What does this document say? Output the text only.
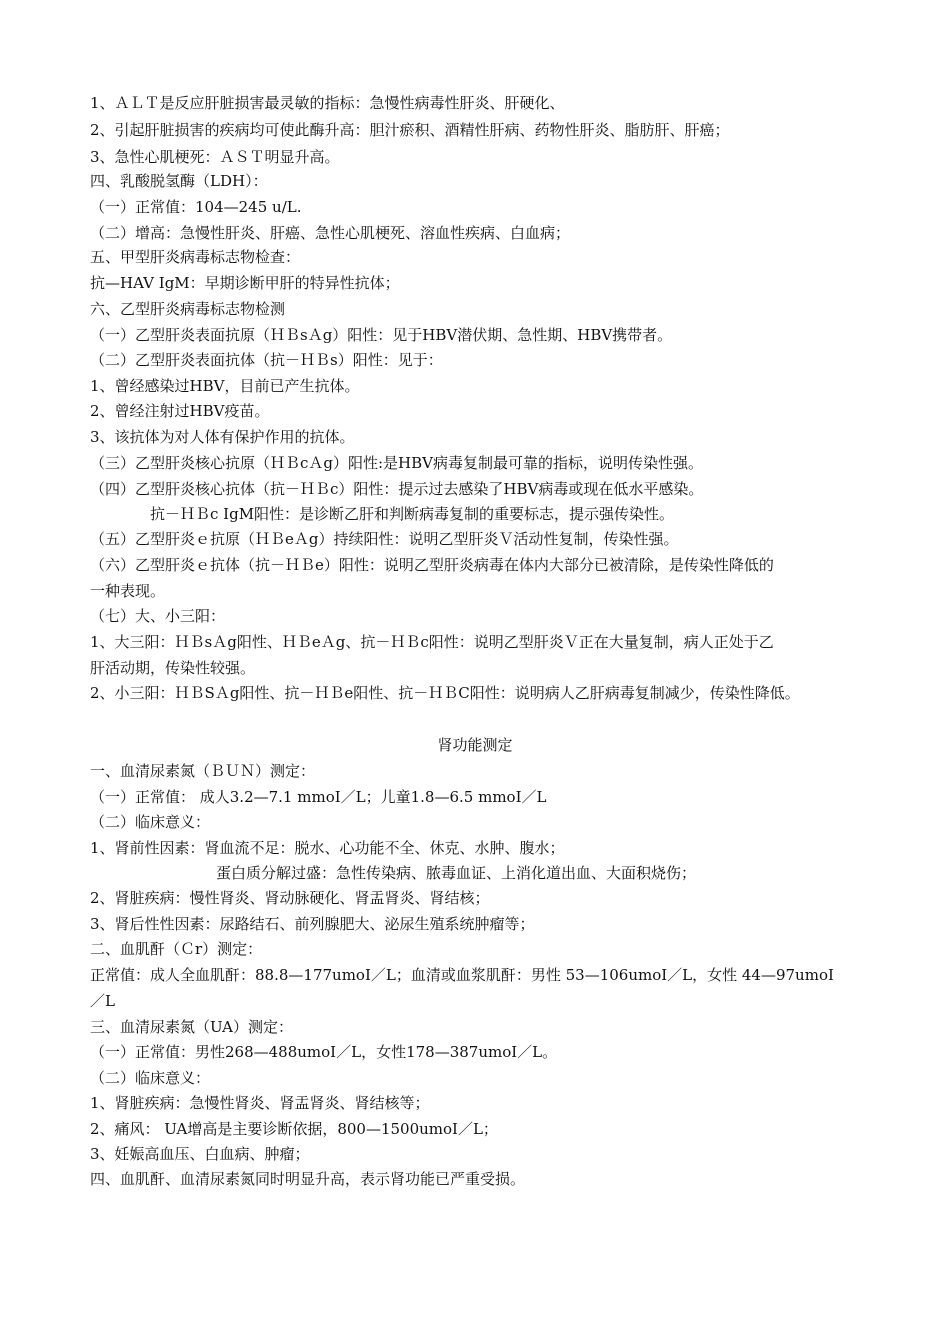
1、ＡＬＴ是反应肝脏损害最灵敏的指标：急慢性病毒性肝炎、肝硬化、
2、引起肝脏损害的疾病均可使此酶升高：胆汁瘀积、酒精性肝病、药物性肝炎、脂肪肝、肝癌；
3、急性心肌梗死：ＡＳＴ明显升高。
四、乳酸脱氢酶（LDH）：
（一）正常值：104—245 u/L.
（二）增高：急慢性肝炎、肝癌、急性心肌梗死、溶血性疾病、白血病；
五、甲型肝炎病毒标志物检查：
抗—HAV IgM：早期诊断甲肝的特异性抗体；
六、乙型肝炎病毒标志物检测
（一）乙型肝炎表面抗原（ＨＢsＡg）阳性：见于HBV潜伏期、急性期、HBV携带者。
（二）乙型肝炎表面抗体（抗－ＨＢs）阳性：见于：
1、曾经感染过HBV，目前已产生抗体。
2、曾经注射过HBV疫苗。
3、该抗体为对人体有保护作用的抗体。
（三）乙型肝炎核心抗原（ＨＢcＡg）阳性:是HBV病毒复制最可靠的指标，说明传染性强。
（四）乙型肝炎核心抗体（抗－ＨＢc）阳性：提示过去感染了HBV病毒或现在低水平感染。
抗－ＨＢc IgM阳性：是诊断乙肝和判断病毒复制的重要标志，提示强传染性。
（五）乙型肝炎ｅ抗原（ＨＢeＡg）持续阳性：说明乙型肝炎Ｖ活动性复制，传染性强。
（六）乙型肝炎ｅ抗体（抗－ＨＢe）阳性：说明乙型肝炎病毒在体内大部分已被清除，是传染性降低的
一种表现。
（七）大、小三阳：
1、大三阳：ＨＢsＡg阳性、ＨＢeＡg、抗－ＨＢc阳性：说明乙型肝炎Ｖ正在大量复制，病人正处于乙
肝活动期，传染性较强。
2、小三阳：ＨＢSＡg阳性、抗－ＨＢe阳性、抗－ＨＢC阳性：说明病人乙肝病毒复制减少，传染性降低。
肾功能测定
一、血清尿素氮（ＢＵＮ）测定：
（一）正常值： 成人3.2—7.1 mmoI／L；儿童1.8—6.5 mmoI／L
（二）临床意义：
1、肾前性因素：肾血流不足：脱水、心功能不全、休克、水肿、腹水；
蛋白质分解过盛：急性传染病、脓毒血证、上消化道出血、大面积烧伤；
2、肾脏疾病：慢性肾炎、肾动脉硬化、肾盂肾炎、肾结核；
3、肾后性性因素：尿路结石、前列腺肥大、泌尿生殖系统肿瘤等；
二、血肌酐（Ｃr）测定：
正常值：成人全血肌酐：88.8—177umoI／L；血清或血浆肌酐：男性 53—106umoI／L，女性 44—97umoI
／L
三、血清尿素氮（UA）测定：
（一）正常值：男性268—488umoI／L，女性178—387umoI／L。
（二）临床意义：
1、肾脏疾病：急慢性肾炎、肾盂肾炎、肾结核等；
2、痛风： UA增高是主要诊断依据，800—1500umoI／L；
3、妊娠高血压、白血病、肿瘤；
四、血肌酐、血清尿素氮同时明显升高，表示肾功能已严重受损。
